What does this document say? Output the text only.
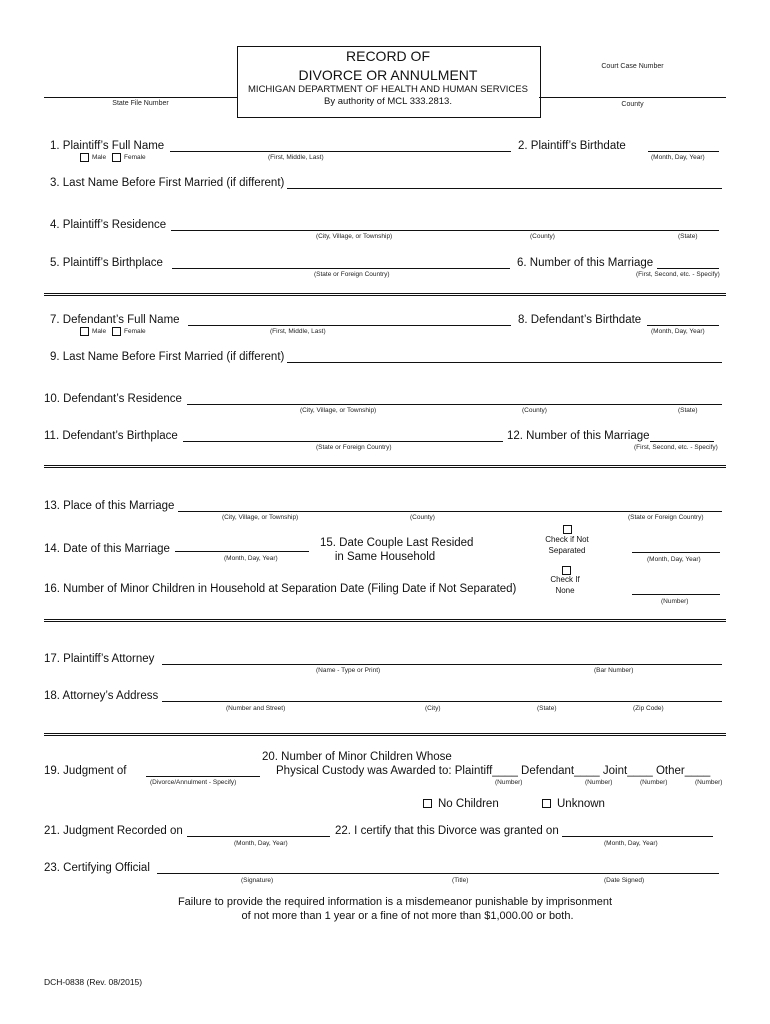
RECORD OF
DIVORCE OR ANNULMENT
MICHIGAN DEPARTMENT OF HEALTH AND HUMAN SERVICES
By authority of MCL 333.2813.
State File Number
Court Case Number
County
1. Plaintiff’s Full Name
Male	Female	(First, Middle, Last)
2. Plaintiff’s Birthdate
(Month, Day, Year)
3. Last Name Before First Married (if different)
4. Plaintiff’s Residence
(City, Village, or Township)	(County)	(State)
5. Plaintiff’s Birthplace
(State or Foreign Country)
6. Number of this Marriage
(First, Second, etc. - Specify)
7. Defendant’s Full Name
Male	Female	(First, Middle, Last)
8. Defendant’s Birthdate
(Month, Day, Year)
9. Last Name Before First Married (if different)
10. Defendant’s Residence
(City, Village, or Township)	(County)	(State)
11. Defendant’s Birthplace
(State or Foreign Country)
12. Number of this Marriage
(First, Second, etc. - Specify)
13. Place of this Marriage
(City, Village, or Township)	(County)	(State or Foreign Country)
14. Date of this Marriage
(Month, Day, Year)
15. Date Couple Last Resided
in Same Household
Check if Not
Separated
(Month, Day, Year)
16. Number of Minor Children in Household at Separation Date (Filing Date if Not Separated)
Check If
None
(Number)
17. Plaintiff’s Attorney
(Name - Type or Print)	(Bar Number)
18. Attorney’s Address
(Number and Street)	(City)	(State)	(Zip Code)
19. Judgment of
(Divorce/Annulment - Specify)
20. Number of Minor Children Whose
Physical Custody was Awarded to: Plaintiff____ Defendant____ Joint____ Other____
(Number)	(Number)	(Number)	(Number)
No Children	Unknown
21. Judgment Recorded on
(Month, Day, Year)
22. I certify that this Divorce was granted on
(Month, Day, Year)
23. Certifying Official
(Signature)	(Title)	(Date Signed)
Failure to provide the required information is a misdemeanor punishable by imprisonment
of not more than 1 year or a fine of not more than $1,000.00 or both.
DCH-0838 (Rev. 08/2015)
